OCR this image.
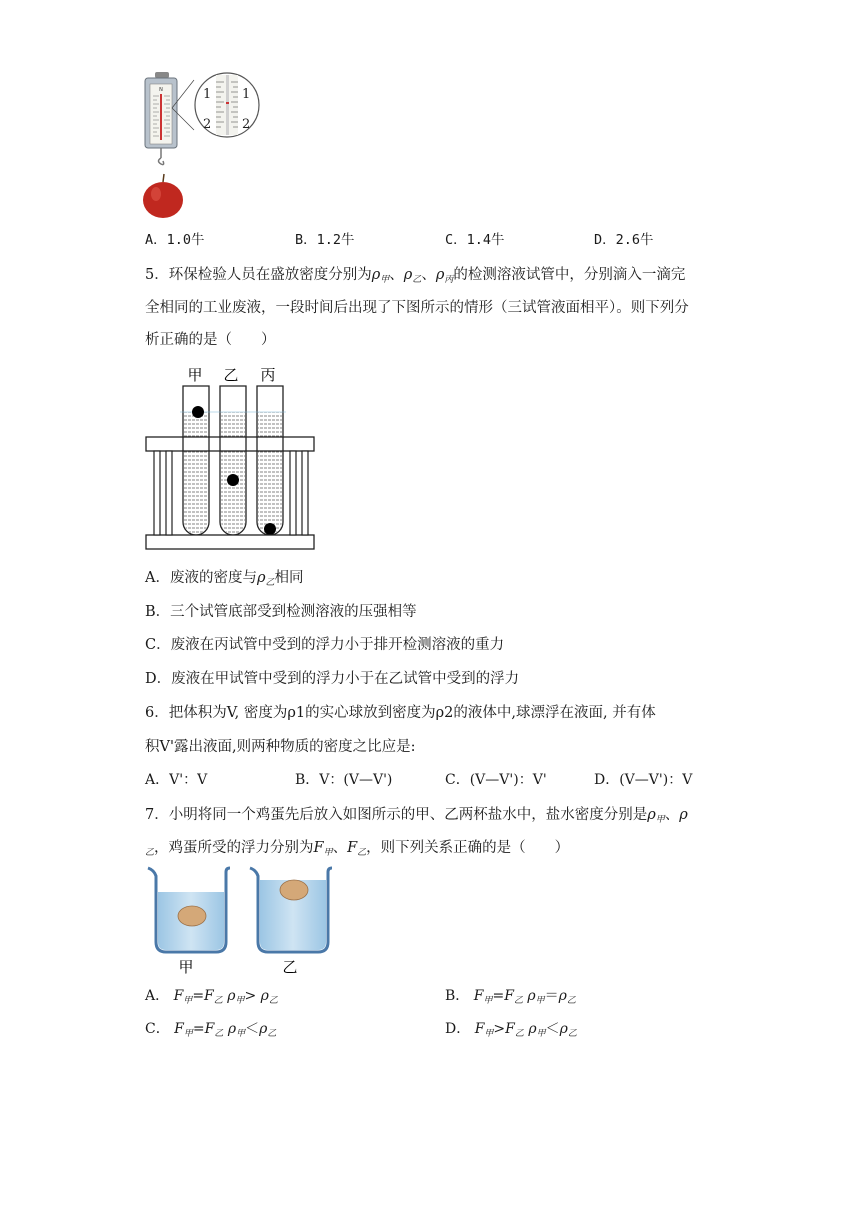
N	1 1
2 2
A．1.0牛	B．1.2牛	C．1.4牛	D．2.6牛
5．环保检验人员在盛放密度分别为$\rho_甲$、$\rho_乙$、$\rho_丙$的检测溶液试管中，分别滴入一滴完
全相同的工业废液，一段时间后出现了下图所示的情形（三试管液面相平）。则下列分
析正确的是（　　）
甲 乙 丙
A．废液的密度与$\rho_乙$相同
B．三个试管底部受到检测溶液的压强相等
C．废液在丙试管中受到的浮力小于排开检测溶液的重力
D．废液在甲试管中受到的浮力小于在乙试管中受到的浮力
6．把体积为V, 密度为ρ1的实心球放到密度为ρ2的液体中,球漂浮在液面, 并有体
积V'露出液面,则两种物质的密度之比应是:
A．V'：V	B．V：(V—V')	C．(V—V')：V'	D．(V—V')：V
7．小明将同一个鸡蛋先后放入如图所示的甲、乙两杯盐水中，盐水密度分别是$\rho_甲$、ρ
$_乙$，鸡蛋所受的浮力分别为$F_甲$、$F_乙$，则下列关系正确的是（　　）
甲	乙
A． $F_甲=F_乙$ $\rho_甲> \rho_乙$	B． $F_甲=F_乙$ $\rho_甲=\rho_乙$
C． $F_甲=F_乙$ $\rho_甲<\rho_乙$	D． $F_甲>F_乙$ $\rho_甲<\rho_乙$
